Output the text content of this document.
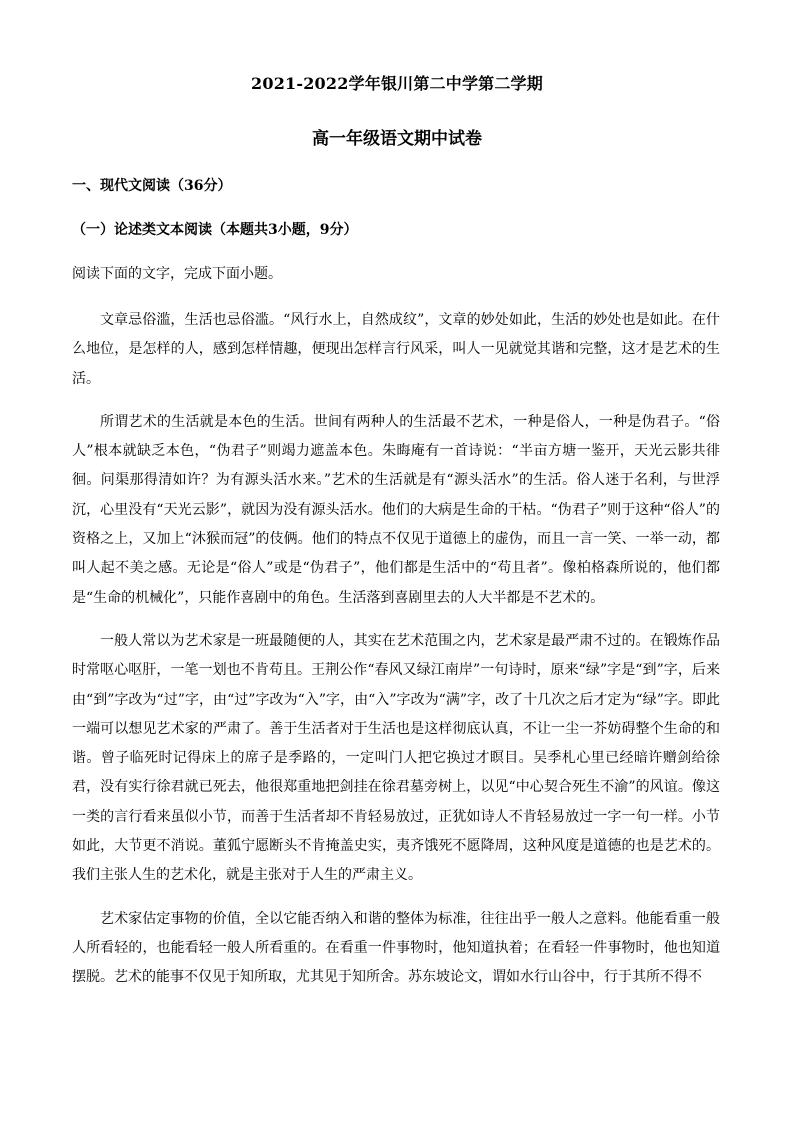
2021-2022学年银川第二中学第二学期
高一年级语文期中试卷
一、现代文阅读（36分）
（一）论述类文本阅读（本题共3小题，9分）
阅读下面的文字，完成下面小题。

文章忌俗滥，生活也忌俗滥。“风行水上，自然成纹”，文章的妙处如此，生活的妙处也是如此。在什么地位，是怎样的人，感到怎样情趣，便现出怎样言行风采，叫人一见就觉其谐和完整，这才是艺术的生活。

所谓艺术的生活就是本色的生活。世间有两种人的生活最不艺术，一种是俗人，一种是伪君子。“俗人”根本就缺乏本色，“伪君子”则竭力遮盖本色。朱晦庵有一首诗说：“半亩方塘一鉴开，天光云影共徘徊。问渠那得清如许？为有源头活水来。”艺术的生活就是有“源头活水”的生活。俗人迷于名利，与世浮沉，心里没有“天光云影”，就因为没有源头活水。他们的大病是生命的干枯。“伪君子”则于这种“俗人”的资格之上，又加上“沐猴而冠”的伎俩。他们的特点不仅见于道德上的虚伪，而且一言一笑、一举一动，都叫人起不美之感。无论是“俗人”或是“伪君子”，他们都是生活中的“苟且者”。像柏格森所说的，他们都是“生命的机械化”，只能作喜剧中的角色。生活落到喜剧里去的人大半都是不艺术的。

一般人常以为艺术家是一班最随便的人，其实在艺术范围之内，艺术家是最严肃不过的。在锻炼作品时常呕心呕肝，一笔一划也不肯苟且。王荆公作“春风又绿江南岸”一句诗时，原来“绿”字是“到”字，后来由“到”字改为“过”字，由“过”字改为“入”字，由“入”字改为“满”字，改了十几次之后才定为“绿”字。即此一端可以想见艺术家的严肃了。善于生活者对于生活也是这样彻底认真，不让一尘一芥妨碍整个生命的和谐。曾子临死时记得床上的席子是季路的，一定叫门人把它换过才瞑目。吴季札心里已经暗许赠剑给徐君，没有实行徐君就已死去，他很郑重地把剑挂在徐君墓旁树上，以见“中心契合死生不渝”的风谊。像这一类的言行看来虽似小节，而善于生活者却不肯轻易放过，正犹如诗人不肯轻易放过一字一句一样。小节如此，大节更不消说。董狐宁愿断头不肯掩盖史实，夷齐饿死不愿降周，这种风度是道德的也是艺术的。我们主张人生的艺术化，就是主张对于人生的严肃主义。

艺术家估定事物的价值，全以它能否纳入和谐的整体为标准，往往出乎一般人之意料。他能看重一般人所看轻的，也能看轻一般人所看重的。在看重一件事物时，他知道执着；在看轻一件事物时，他也知道摆脱。艺术的能事不仅见于知所取，尤其见于知所舍。苏东坡论文，谓如水行山谷中，行于其所不得不
